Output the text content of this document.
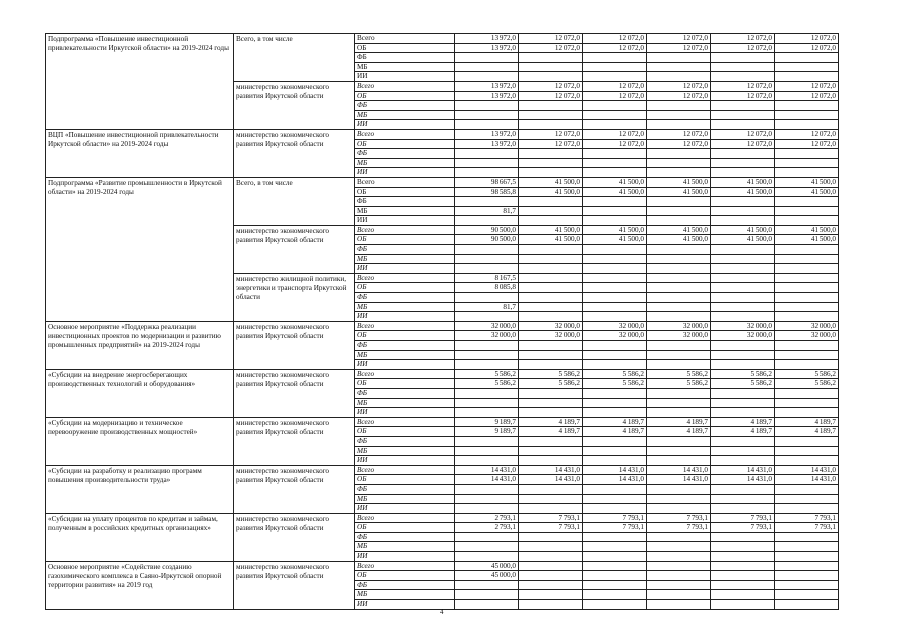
Подпрограмма «Повышение инвестиционной привлекательности Иркутской области» на 2019-2024 годы	Всего, в том числе	Всего	13 972,0	12 072,0	12 072,0	12 072,0	12 072,0	12 072,0
		ОБ	13 972,0	12 072,0	12 072,0	12 072,0	12 072,0	12 072,0
		ФБ						
		МБ						
		ИИ						
	министерство экономического развития Иркутской области	Всего	13 972,0	12 072,0	12 072,0	12 072,0	12 072,0	12 072,0
		ОБ	13 972,0	12 072,0	12 072,0	12 072,0	12 072,0	12 072,0
		ФБ						
		МБ						
		ИИ						
ВЦП «Повышение инвестиционной привлекательности Иркутской области» на 2019-2024 годы	министерство экономического развития Иркутской области	Всего	13 972,0	12 072,0	12 072,0	12 072,0	12 072,0	12 072,0
		ОБ	13 972,0	12 072,0	12 072,0	12 072,0	12 072,0	12 072,0
		ФБ						
		МБ						
		ИИ						
Подпрограмма «Развитие промышленности в Иркутской области» на 2019-2024 годы	Всего, в том числе	Всего	98 667,5	41 500,0	41 500,0	41 500,0	41 500,0	41 500,0
		ОБ	98 585,8	41 500,0	41 500,0	41 500,0	41 500,0	41 500,0
		ФБ						
		МБ	81,7					
		ИИ						
	министерство экономического развития Иркутской области	Всего	90 500,0	41 500,0	41 500,0	41 500,0	41 500,0	41 500,0
		ОБ	90 500,0	41 500,0	41 500,0	41 500,0	41 500,0	41 500,0
		ФБ						
		МБ						
		ИИ						
	министерство жилищной политики, энергетики и транспорта Иркутской области	Всего	8 167,5					
		ОБ	8 085,8					
		ФБ						
		МБ	81,7					
		ИИ						
Основное мероприятие «Поддержка реализации инвестиционных проектов по модернизации и развитию промышленных предприятий» на 2019-2024 годы	министерство экономического развития Иркутской области	Всего	32 000,0	32 000,0	32 000,0	32 000,0	32 000,0	32 000,0
		ОБ	32 000,0	32 000,0	32 000,0	32 000,0	32 000,0	32 000,0
		ФБ						
		МБ						
		ИИ						
«Субсидии на внедрение энергосберегающих производственных технологий и оборудования»	министерство экономического развития Иркутской области	Всего	5 586,2	5 586,2	5 586,2	5 586,2	5 586,2	5 586,2
		ОБ	5 586,2	5 586,2	5 586,2	5 586,2	5 586,2	5 586,2
		ФБ						
		МБ						
		ИИ						
«Субсидии на модернизацию и техническое перевооружение производственных мощностей»	министерство экономического развития Иркутской области	Всего	9 189,7	4 189,7	4 189,7	4 189,7	4 189,7	4 189,7
		ОБ	9 189,7	4 189,7	4 189,7	4 189,7	4 189,7	4 189,7
		ФБ						
		МБ						
		ИИ						
«Субсидии на разработку и реализацию программ повышения производительности труда»	министерство экономического развития Иркутской области	Всего	14 431,0	14 431,0	14 431,0	14 431,0	14 431,0	14 431,0
		ОБ	14 431,0	14 431,0	14 431,0	14 431,0	14 431,0	14 431,0
		ФБ						
		МБ						
		ИИ						
«Субсидии на уплату процентов по кредитам и займам, полученным в российских кредитных организациях»	министерство экономического развития Иркутской области	Всего	2 793,1	7 793,1	7 793,1	7 793,1	7 793,1	7 793,1
		ОБ	2 793,1	7 793,1	7 793,1	7 793,1	7 793,1	7 793,1
		ФБ						
		МБ						
		ИИ						
Основное мероприятие «Содействие созданию газохимического комплекса в Саяно-Иркутской опорной территории развития» на 2019 год	министерство экономического развития Иркутской области	Всего	45 000,0					
		ОБ	45 000,0					
		ФБ						
		МБ						
		ИИ						
4
